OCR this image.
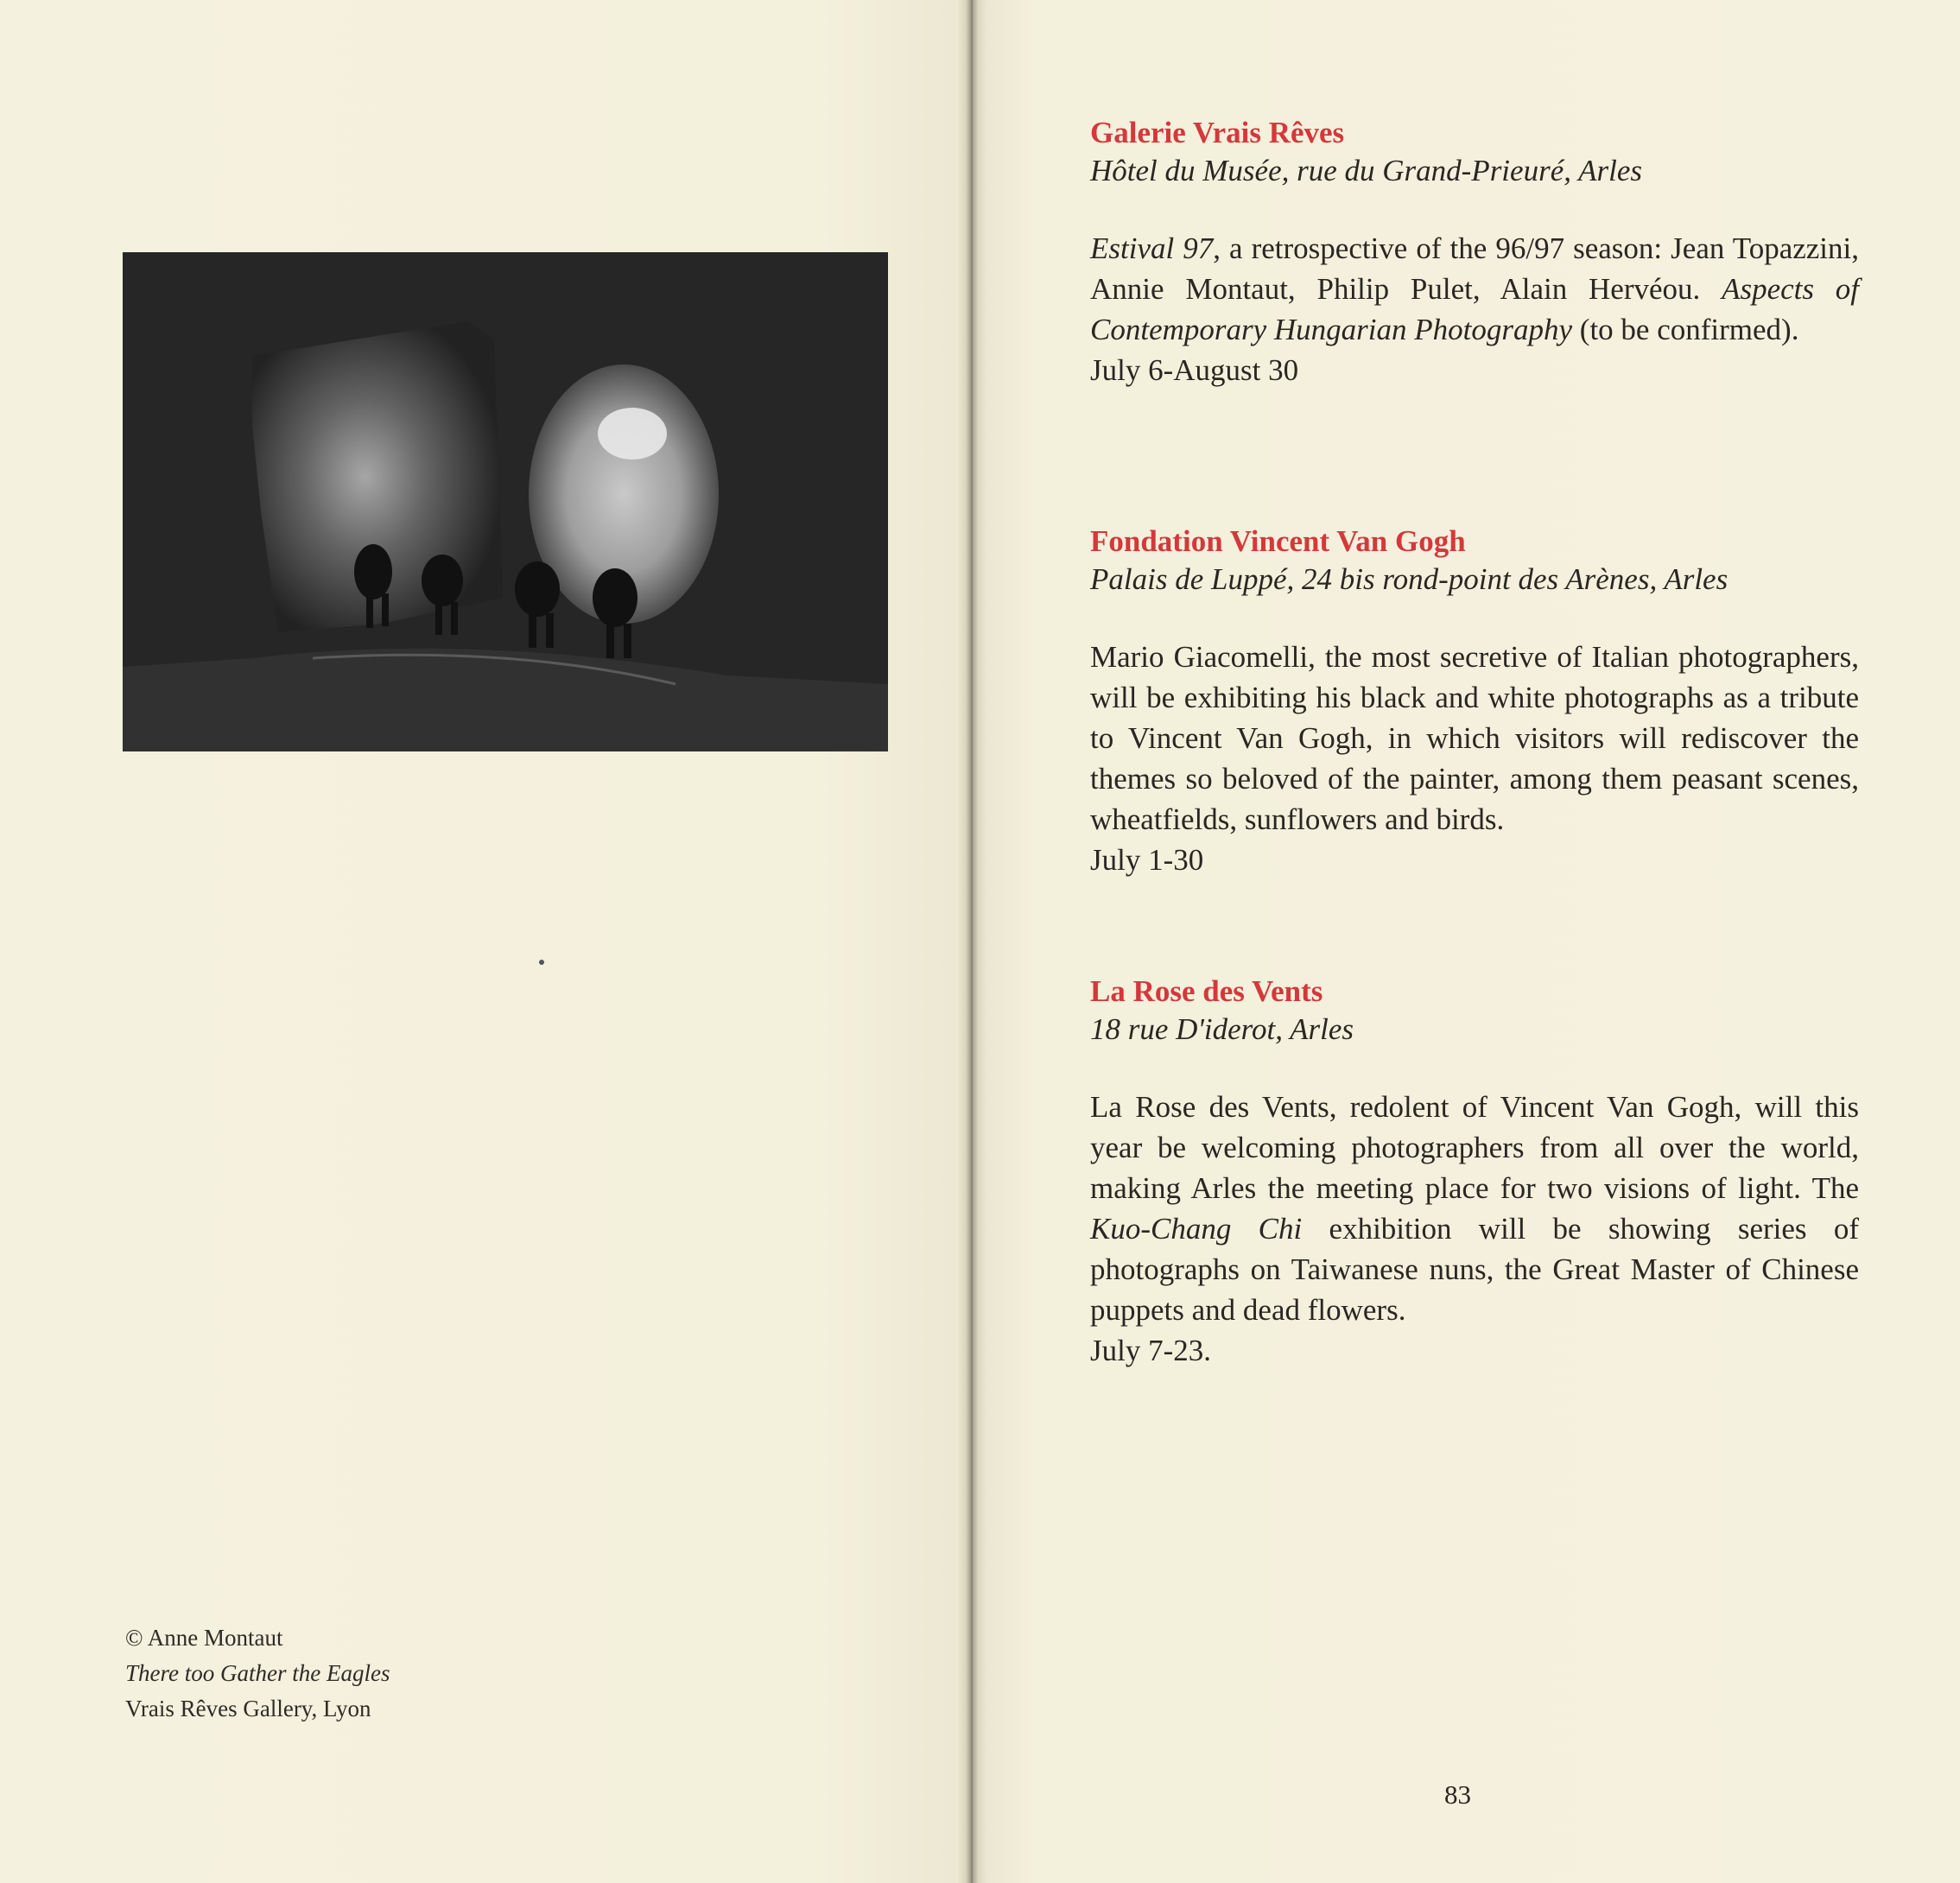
© Anne Montaut
There too Gather the Eagles
Vrais Rêves Gallery, Lyon
Galerie Vrais Rêves
Hôtel du Musée, rue du Grand-Prieuré, Arles
Estival 97, a retrospective of the 96/97 season: Jean Topazzini, Annie Montaut, Philip Pulet, Alain Hervéou. Aspects of Contemporary Hungarian Photography (to be confirmed).
July 6-August 30
Fondation Vincent Van Gogh
Palais de Luppé, 24 bis rond-point des Arènes, Arles
Mario Giacomelli, the most secretive of Italian photographers, will be exhibiting his black and white photographs as a tribute to Vincent Van Gogh, in which visitors will rediscover the themes so beloved of the painter, among them peasant scenes, wheatfields, sunflowers and birds.
July 1-30
La Rose des Vents
18 rue D'iderot, Arles
La Rose des Vents, redolent of Vincent Van Gogh, will this year be welcoming photographers from all over the world, making Arles the meeting place for two visions of light. The Kuo-Chang Chi exhibition will be showing series of photographs on Taiwanese nuns, the Great Master of Chinese puppets and dead flowers.
July 7-23.
83
